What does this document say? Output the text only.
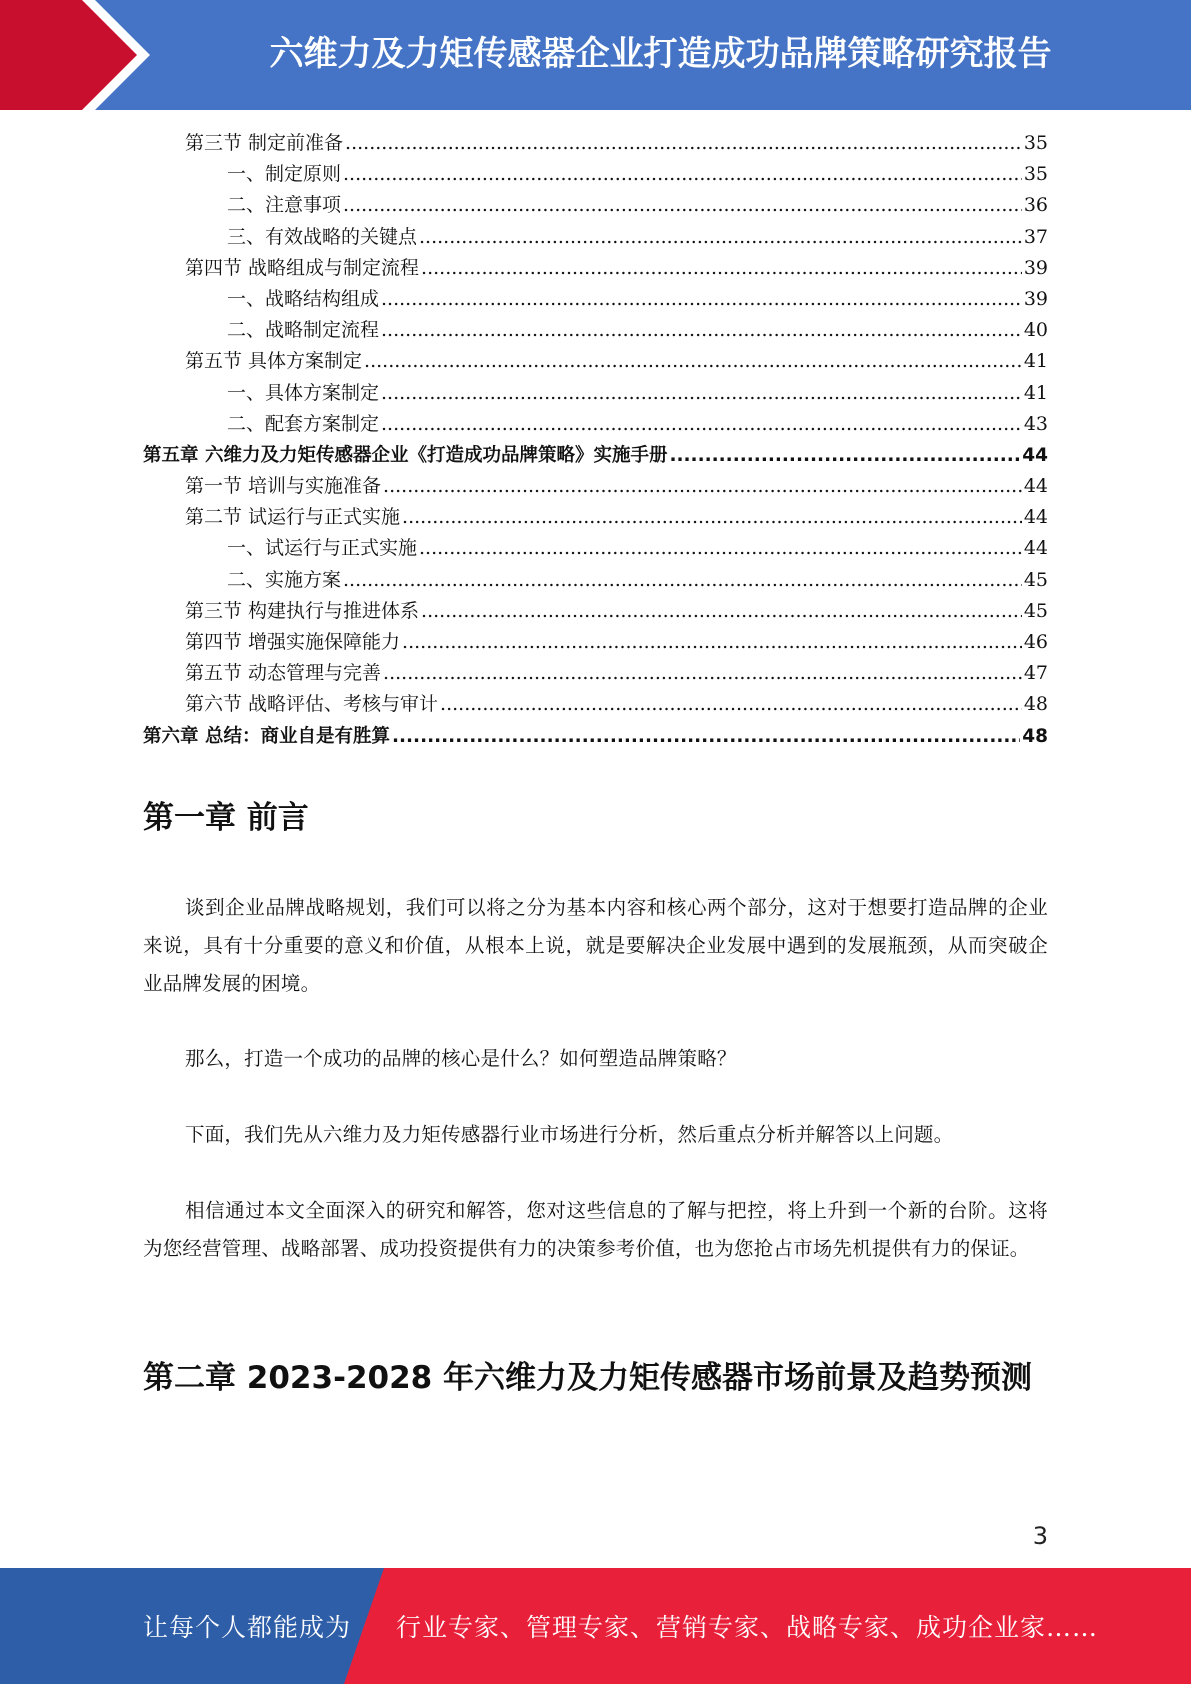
六维力及力矩传感器企业打造成功品牌策略研究报告
第三节 制定前准备 .....	35
一、制定原则 .....	35
二、注意事项 .....	36
三、有效战略的关键点 .....	37
第四节 战略组成与制定流程 .....	39
一、战略结构组成 .....	39
二、战略制定流程 .....	40
第五节 具体方案制定 .....	41
一、具体方案制定 .....	41
二、配套方案制定 .....	43
第五章 六维力及力矩传感器企业《打造成功品牌策略》实施手册 .....	44
第一节 培训与实施准备 .....	44
第二节 试运行与正式实施 .....	44
一、试运行与正式实施 .....	44
二、实施方案 .....	45
第三节 构建执行与推进体系 .....	45
第四节 增强实施保障能力 .....	46
第五节 动态管理与完善 .....	47
第六节 战略评估、考核与审计 .....	48
第六章 总结：商业自是有胜算 .....	48
第一章 前言
谈到企业品牌战略规划，我们可以将之分为基本内容和核心两个部分，这对于想要打造品牌的企业来说，具有十分重要的意义和价值，从根本上说，就是要解决企业发展中遇到的发展瓶颈，从而突破企业品牌发展的困境。
那么，打造一个成功的品牌的核心是什么？如何塑造品牌策略？
下面，我们先从六维力及力矩传感器行业市场进行分析，然后重点分析并解答以上问题。
相信通过本文全面深入的研究和解答，您对这些信息的了解与把控，将上升到一个新的台阶。这将为您经营管理、战略部署、成功投资提供有力的决策参考价值，也为您抢占市场先机提供有力的保证。
第二章 2023-2028 年六维力及力矩传感器市场前景及趋势预测
3
让每个人都能成为 行业专家、管理专家、营销专家、战略专家、成功企业家……
